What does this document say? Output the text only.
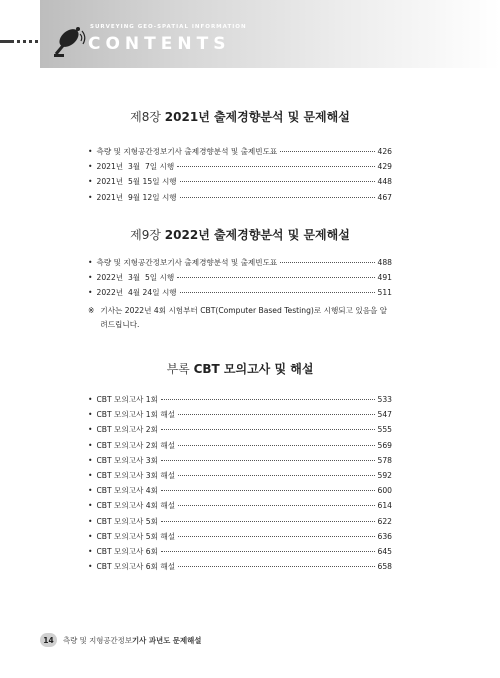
SURVEYING GEO-SPATIAL INFORMATION
CONTENTS
제8장 2021년 출제경향분석 및 문제해설
• 측량 및 지형공간정보기사 출제경향분석 및 출제빈도표	426
• 2021년  3월  7일 시행	429
• 2021년  5월 15일 시행	448
• 2021년  9월 12일 시행	467
제9장 2022년 출제경향분석 및 문제해설
• 측량 및 지형공간정보기사 출제경향분석 및 출제빈도표	488
• 2022년  3월  5일 시행	491
• 2022년  4월 24일 시행	511
※ 기사는 2022년 4회 시험부터 CBT(Computer Based Testing)로 시행되고 있음을 알려드립니다.
부록 CBT 모의고사 및 해설
• CBT 모의고사 1회	533
• CBT 모의고사 1회 해설	547
• CBT 모의고사 2회	555
• CBT 모의고사 2회 해설	569
• CBT 모의고사 3회	578
• CBT 모의고사 3회 해설	592
• CBT 모의고사 4회	600
• CBT 모의고사 4회 해설	614
• CBT 모의고사 5회	622
• CBT 모의고사 5회 해설	636
• CBT 모의고사 6회	645
• CBT 모의고사 6회 해설	658
14	측량 및 지형공간정보 기사 과년도 문제해설
